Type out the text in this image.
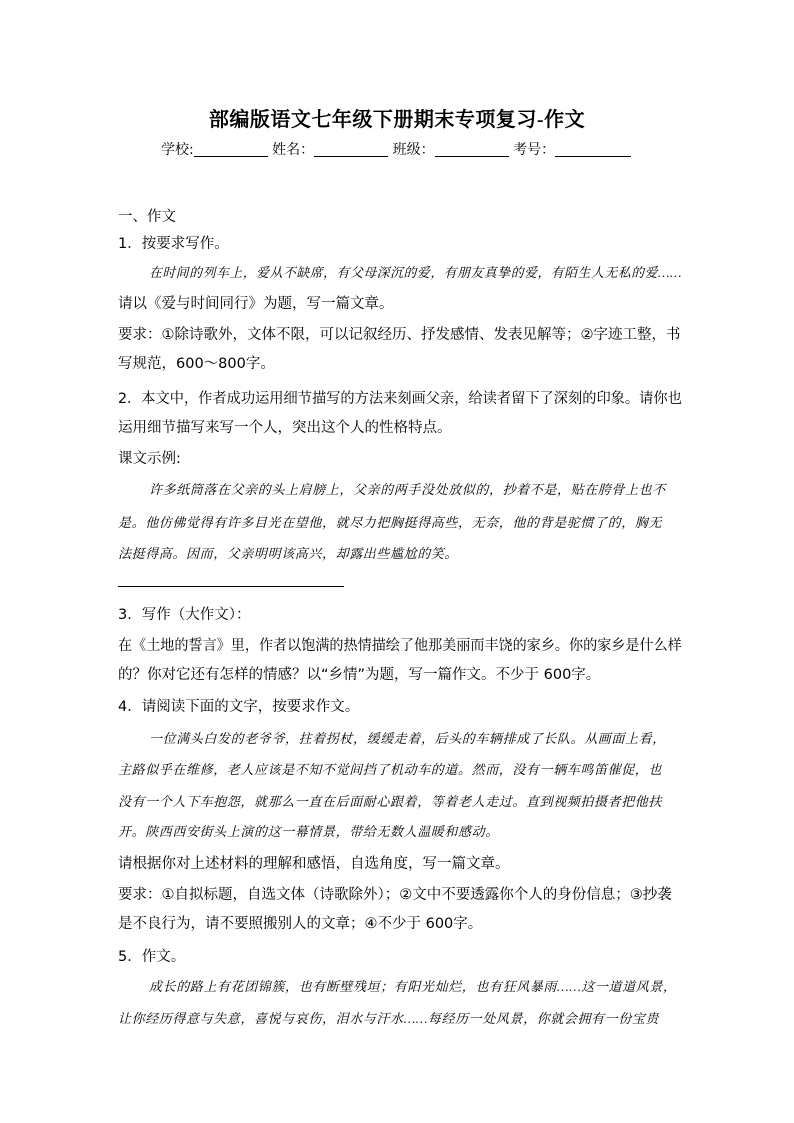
部编版语文七年级下册期末专项复习-作文
学校:	姓名：	班级：	考号：
一、作文
1．按要求写作。
在时间的列车上，爱从不缺席，有父母深沉的爱，有朋友真挚的爱，有陌生人无私的爱……
请以《爱与时间同行》为题，写一篇文章。
要求：①除诗歌外，文体不限，可以记叙经历、抒发感情、发表见解等；②字迹工整，书
写规范，600～800字。
2．本文中，作者成功运用细节描写的方法来刻画父亲，给读者留下了深刻的印象。请你也
运用细节描写来写一个人，突出这个人的性格特点。
课文示例:
许多纸筒落在父亲的头上肩膀上，父亲的两手没处放似的，抄着不是，贴在胯骨上也不
是。他仿佛觉得有许多目光在望他，就尽力把胸挺得高些，无奈，他的背是驼惯了的，胸无
法挺得高。因而，父亲明明该高兴，却露出些尴尬的笑。
3．写作（大作文）：
在《土地的誓言》里，作者以饱满的热情描绘了他那美丽而丰饶的家乡。你的家乡是什么样
的？你对它还有怎样的情感？以“乡情”为题，写一篇作文。不少于 600字。
4．请阅读下面的文字，按要求作文。
一位满头白发的老爷爷，拄着拐杖，缓缓走着，后头的车辆排成了长队。从画面上看，
主路似乎在维修，老人应该是不知不觉间挡了机动车的道。然而，没有一辆车鸣笛催促，也
没有一个人下车抱怨，就那么一直在后面耐心跟着，等着老人走过。直到视频拍摄者把他扶
开。陕西西安街头上演的这一幕情景，带给无数人温暖和感动。
请根据你对上述材料的理解和感悟，自选角度，写一篇文章。
要求：①自拟标题，自选文体（诗歌除外）；②文中不要透露你个人的身份信息；③抄袭
是不良行为，请不要照搬别人的文章；④不少于 600字。
5．作文。
成长的路上有花团锦簇，也有断壁残垣；有阳光灿烂，也有狂风暴雨……这一道道风景，
让你经历得意与失意，喜悦与哀伤，泪水与汗水……每经历一处风景，你就会拥有一份宝贵
